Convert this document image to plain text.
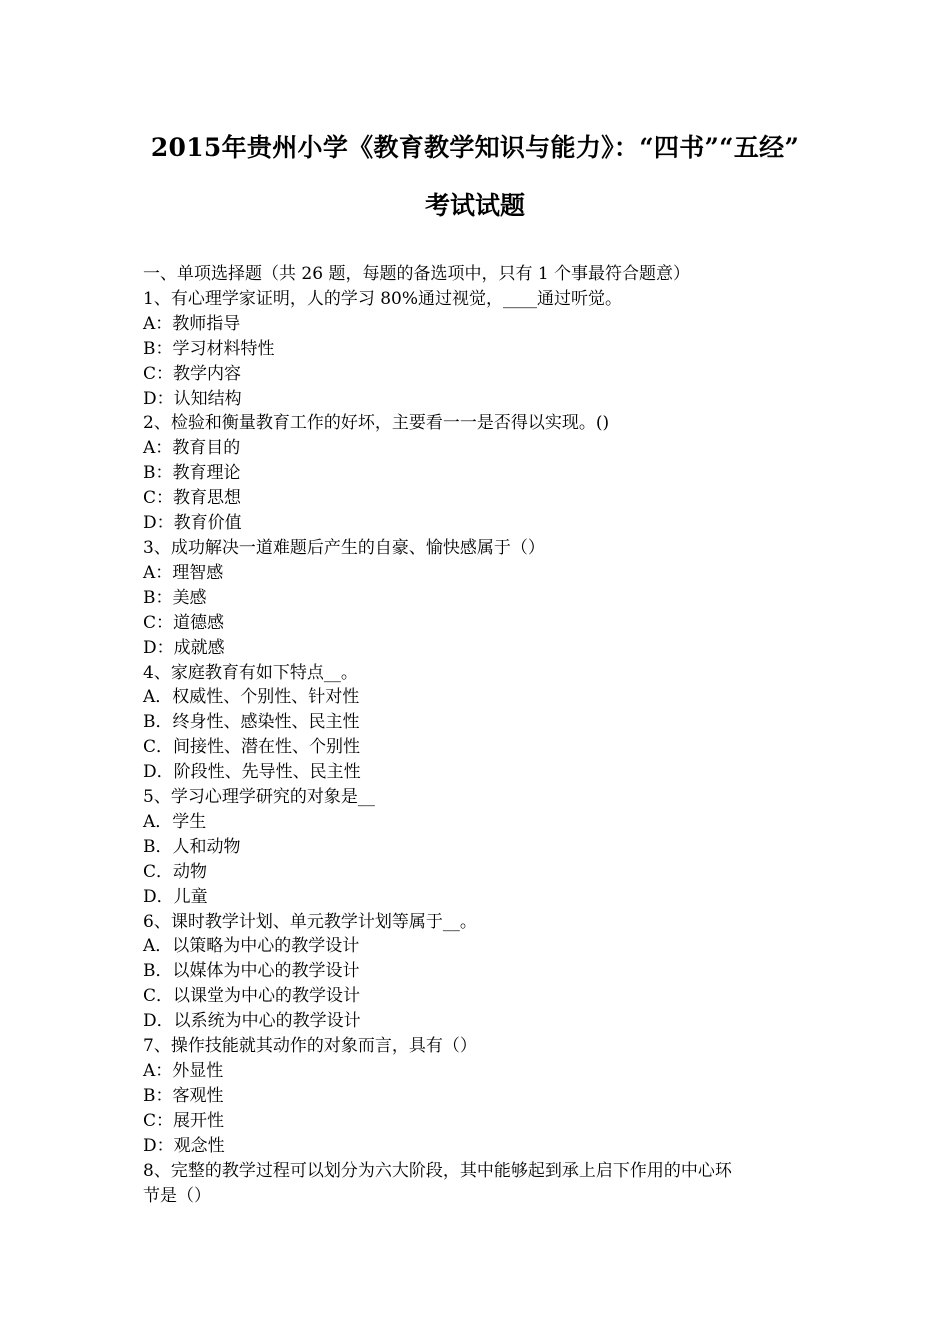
2015年贵州小学《教育教学知识与能力》：“四书”“五经”
考试试题
一、单项选择题（共 26 题，每题的备选项中，只有 1 个事最符合题意）
1、有心理学家证明，人的学习 80%通过视觉，____通过听觉。
A：教师指导
B：学习材料特性
C：教学内容
D：认知结构
2、检验和衡量教育工作的好坏，主要看一一是否得以实现。()
A：教育目的
B：教育理论
C：教育思想
D：教育价值
3、成功解决一道难题后产生的自豪、愉快感属于（）
A：理智感
B：美感
C：道德感
D：成就感
4、家庭教育有如下特点__。
A．权威性、个别性、针对性
B．终身性、感染性、民主性
C．间接性、潜在性、个别性
D．阶段性、先导性、民主性
5、学习心理学研究的对象是__
A．学生
B．人和动物
C．动物
D．儿童
6、课时教学计划、单元教学计划等属于__。
A．以策略为中心的教学设计
B．以媒体为中心的教学设计
C．以课堂为中心的教学设计
D．以系统为中心的教学设计
7、操作技能就其动作的对象而言，具有（）
A：外显性
B：客观性
C：展开性
D：观念性
8、完整的教学过程可以划分为六大阶段，其中能够起到承上启下作用的中心环
节是（）
